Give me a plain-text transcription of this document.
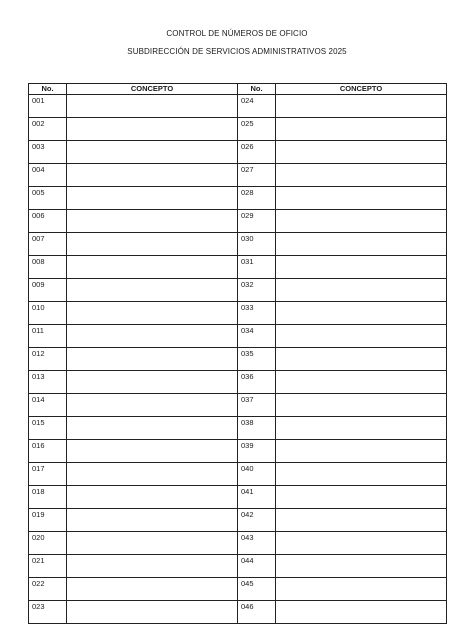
CONTROL DE NÚMEROS DE OFICIO
SUBDIRECCIÓN DE SERVICIOS ADMINISTRATIVOS 2025
No.	CONCEPTO	No.	CONCEPTO
001		024	
002		025	
003		026	
004		027	
005		028	
006		029	
007		030	
008		031	
009		032	
010		033	
011		034	
012		035	
013		036	
014		037	
015		038	
016		039	
017		040	
018		041	
019		042	
020		043	
021		044	
022		045	
023		046	
